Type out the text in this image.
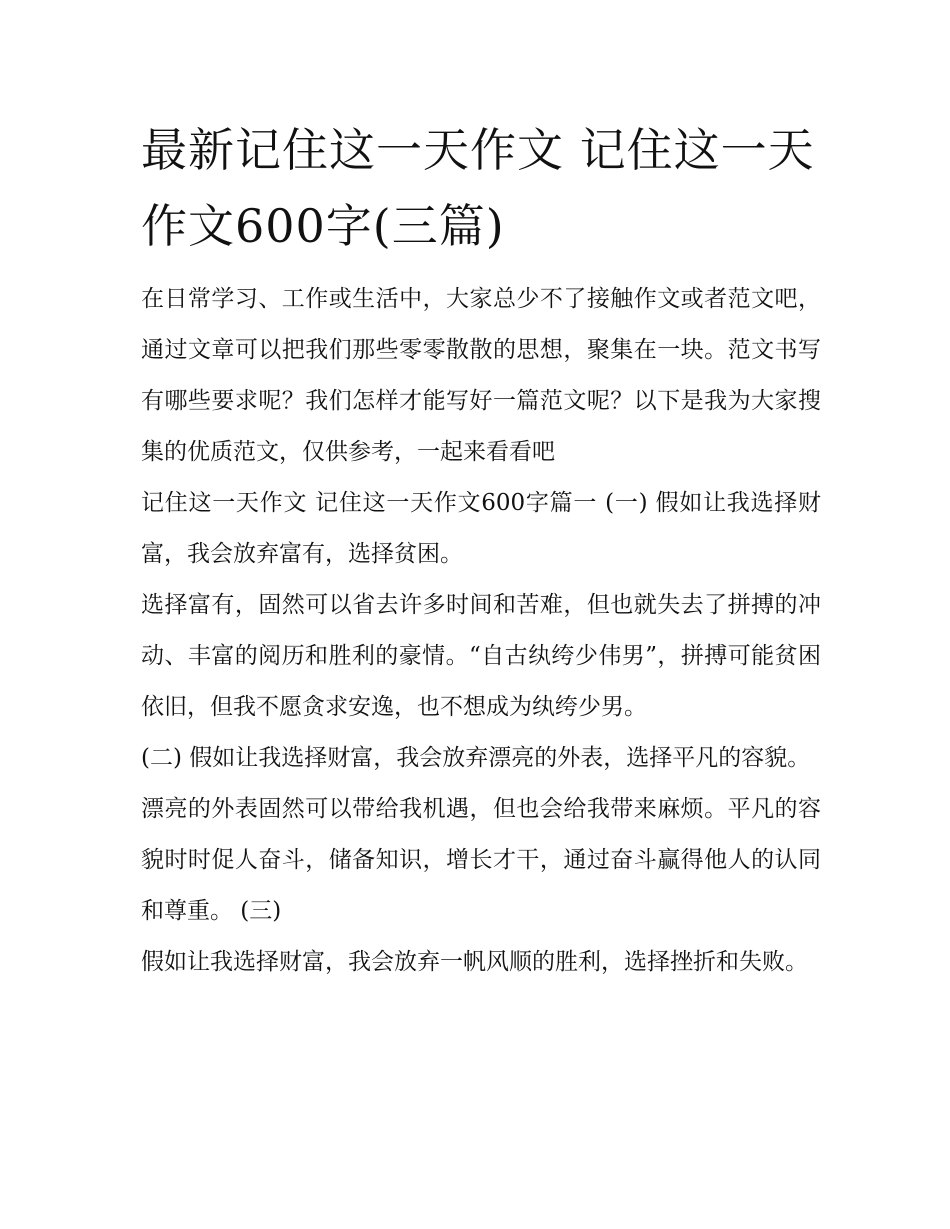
最新记住这一天作文 记住这一天作文600字(三篇)

在日常学习、工作或生活中，大家总少不了接触作文或者范文吧，通过文章可以把我们那些零零散散的思想，聚集在一块。范文书写有哪些要求呢？我们怎样才能写好一篇范文呢？以下是我为大家搜集的优质范文，仅供参考，一起来看看吧

记住这一天作文 记住这一天作文600字篇一 (一) 假如让我选择财富，我会放弃富有，选择贫困。

选择富有，固然可以省去许多时间和苦难，但也就失去了拼搏的冲动、丰富的阅历和胜利的豪情。“自古纨绔少伟男”，拼搏可能贫困依旧，但我不愿贪求安逸，也不想成为纨绔少男。

(二) 假如让我选择财富，我会放弃漂亮的外表，选择平凡的容貌。

漂亮的外表固然可以带给我机遇，但也会给我带来麻烦。平凡的容貌时时促人奋斗，储备知识，增长才干，通过奋斗赢得他人的认同和尊重。 (三)

假如让我选择财富，我会放弃一帆风顺的胜利，选择挫折和失败。
